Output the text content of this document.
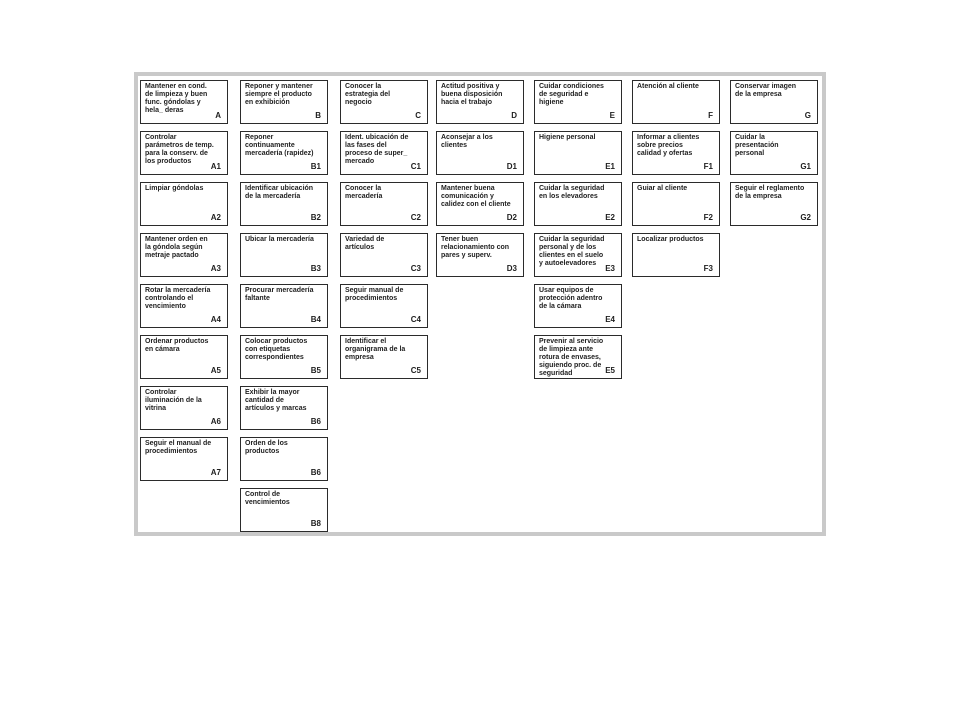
Mantener en cond. de limpieza y buen func. góndolas y hela_ deras
A
Controlar parámetros de temp. para la conserv. de los productos
A1
Limpiar góndolas
A2
Mantener orden en la góndola según metraje pactado
A3
Rotar la mercadería controlando el vencimiento
A4
Ordenar productos en cámara
A5
Controlar iluminación de la vitrina
A6
Seguir el manual de procedimientos
A7
Reponer y mantener siempre el producto en exhibición
B
Reponer continuamente mercadería (rapidez)
B1
Identificar ubicación de la mercadería
B2
Ubicar la mercadería
B3
Procurar mercadería faltante
B4
Colocar productos con etiquetas correspondientes
B5
Exhibir la mayor cantidad de artículos y marcas
B6
Orden de los productos
B6
Control de vencimientos
B8
Conocer la estrategia del negocio
C
Ident. ubicación de las fases del proceso de super_ mercado
C1
Conocer la mercadería
C2
Variedad de artículos
C3
Seguir manual de procedimientos
C4
Identificar el organigrama de la empresa
C5
Actitud positiva y buena disposición hacia el trabajo
D
Aconsejar a los clientes
D1
Mantener buena comunicación y calidez con el cliente
D2
Tener buen relacionamiento con pares y superv.
D3
Cuidar condiciones de seguridad e higiene
E
Higiene personal
E1
Cuidar la seguridad en los elevadores
E2
Cuidar la seguridad personal y de los clientes en el suelo y autoelevadores
E3
Usar equipos de protección adentro de la cámara
E4
Prevenir al servicio de limpieza ante rotura de envases, siguiendo proc. de seguridad	E5
Atención al cliente
F
Informar a clientes sobre precios calidad y ofertas
F1
Guiar al cliente
F2
Localizar productos
F3
Conservar imagen de la empresa
G
Cuidar la presentación personal
G1
Seguir el reglamento de la empresa
G2
